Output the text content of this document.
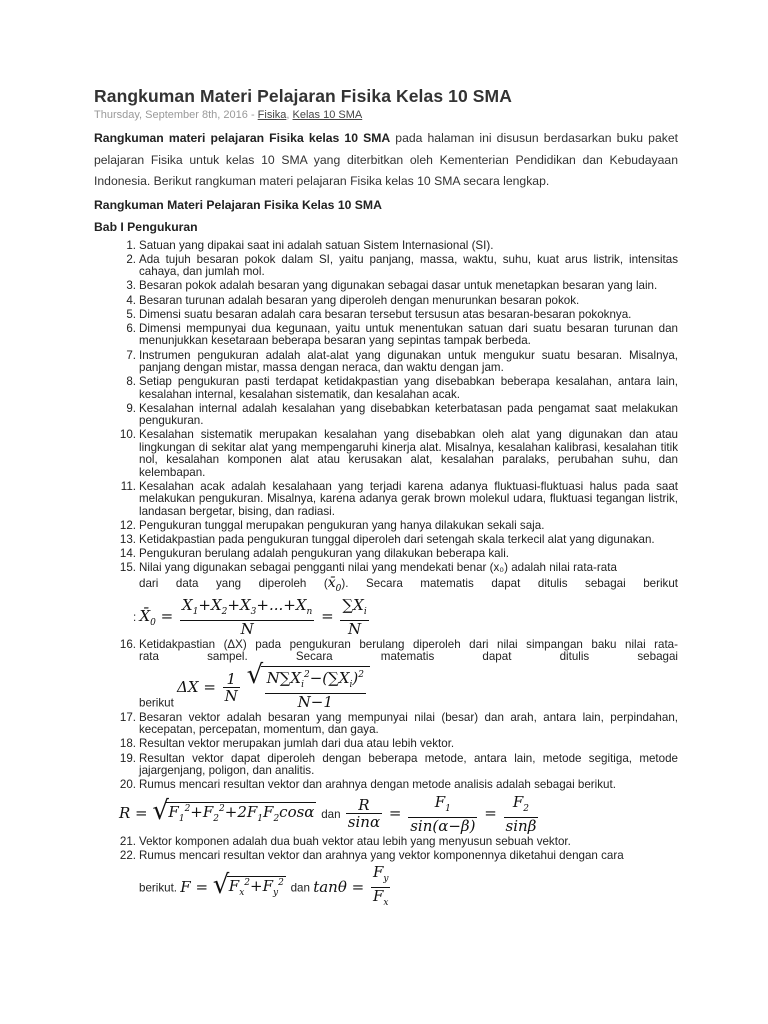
Rangkuman Materi Pelajaran Fisika Kelas 10 SMA
Thursday, September 8th, 2016 - Fisika, Kelas 10 SMA

Rangkuman materi pelajaran Fisika kelas 10 SMA pada halaman ini disusun berdasarkan buku paket pelajaran Fisika untuk kelas 10 SMA yang diterbitkan oleh Kementerian Pendidikan dan Kebudayaan Indonesia. Berikut rangkuman materi pelajaran Fisika kelas 10 SMA secara lengkap.

Rangkuman Materi Pelajaran Fisika Kelas 10 SMA
Bab I Pengukuran
1. Satuan yang dipakai saat ini adalah satuan Sistem Internasional (SI).
2. Ada tujuh besaran pokok dalam SI, yaitu panjang, massa, waktu, suhu, kuat arus listrik, intensitas cahaya, dan jumlah mol.
3. Besaran pokok adalah besaran yang digunakan sebagai dasar untuk menetapkan besaran yang lain.
4. Besaran turunan adalah besaran yang diperoleh dengan menurunkan besaran pokok.
5. Dimensi suatu besaran adalah cara besaran tersebut tersusun atas besaran-besaran pokoknya.
6. Dimensi mempunyai dua kegunaan, yaitu untuk menentukan satuan dari suatu besaran turunan dan menunjukkan kesetaraan beberapa besaran yang sepintas tampak berbeda.
7. Instrumen pengukuran adalah alat-alat yang digunakan untuk mengukur suatu besaran. Misalnya, panjang dengan mistar, massa dengan neraca, dan waktu dengan jam.
8. Setiap pengukuran pasti terdapat ketidakpastian yang disebabkan beberapa kesalahan, antara lain, kesalahan internal, kesalahan sistematik, dan kesalahan acak.
9. Kesalahan internal adalah kesalahan yang disebabkan keterbatasan pada pengamat saat melakukan pengukuran.
10. Kesalahan sistematik merupakan kesalahan yang disebabkan oleh alat yang digunakan dan atau lingkungan di sekitar alat yang mempengaruhi kinerja alat. Misalnya, kesalahan kalibrasi, kesalahan titik nol, kesalahan komponen alat atau kerusakan alat, kesalahan paralaks, perubahan suhu, dan kelembapan.
11. Kesalahan acak adalah kesalahaan yang terjadi karena adanya fluktuasi-fluktuasi halus pada saat melakukan pengukuran. Misalnya, karena adanya gerak brown molekul udara, fluktuasi tegangan listrik, landasan bergetar, bising, dan radiasi.
12. Pengukuran tunggal merupakan pengukuran yang hanya dilakukan sekali saja.
13. Ketidakpastian pada pengukuran tunggal diperoleh dari setengah skala terkecil alat yang digunakan.
14. Pengukuran berulang adalah pengukuran yang dilakukan beberapa kali.
15. Nilai yang digunakan sebagai pengganti nilai yang mendekati benar (x₀) adalah nilai rata-rata
dari data yang diperoleh $(x̄_0)$. Secara matematis dapat ditulis sebagai berikut
: $X̄_0 = \frac{X_1+X_2+X_3+...+X_n}{N} = \frac{\sum X_i}{N}$
16. Ketidakpastian (ΔX) pada pengukuran berulang diperoleh dari nilai simpangan baku nilai rata-
rata sampel. Secara matematis dapat ditulis sebagai
berikut $\Delta X = \frac{1}{N}$
√ $\frac{N\sum X_i^2-(\sum X_i)^2}{N-1}$
17. Besaran vektor adalah besaran yang mempunyai nilai (besar) dan arah, antara lain, perpindahan, kecepatan, percepatan, momentum, dan gaya.
18. Resultan vektor merupakan jumlah dari dua atau lebih vektor.
19. Resultan vektor dapat diperoleh dengan beberapa metode, antara lain, metode segitiga, metode jajargenjang, poligon, dan analitis.
20. Rumus mencari resultan vektor dan arahnya dengan metode analisis adalah sebagai berikut.
R = √ $F_1^2+F_2^2+2F_1F_2\cos\alpha$ dan $\frac{R}{\sin\alpha} = \frac{F_1}{\sin(\alpha-\beta)} = \frac{F_2}{\sin\beta}$
21. Vektor komponen adalah dua buah vektor atau lebih yang menyusun sebuah vektor.
22. Rumus mencari resultan vektor dan arahnya yang vektor komponennya diketahui dengan cara
berikut. F = √ $F_x^2+F_y^2$ dan $\tan\theta = \frac{F_y}{F_x}$
